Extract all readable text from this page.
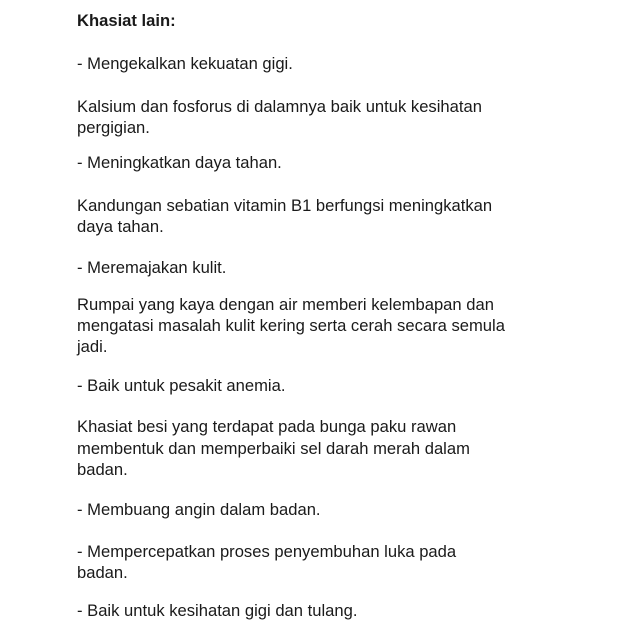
Khasiat lain:
- Mengekalkan kekuatan gigi.
Kalsium dan fosforus di dalamnya baik untuk kesihatan
pergigian.
- Meningkatkan daya tahan.
Kandungan sebatian vitamin B1 berfungsi meningkatkan
daya tahan.
- Meremajakan kulit.
Rumpai yang kaya dengan air memberi kelembapan dan
mengatasi masalah kulit kering serta cerah secara semula
jadi.
- Baik untuk pesakit anemia.
Khasiat besi yang terdapat pada bunga paku rawan
membentuk dan memperbaiki sel darah merah dalam
badan.
- Membuang angin dalam badan.
- Mempercepatkan proses penyembuhan luka pada
badan.
- Baik untuk kesihatan gigi dan tulang.
